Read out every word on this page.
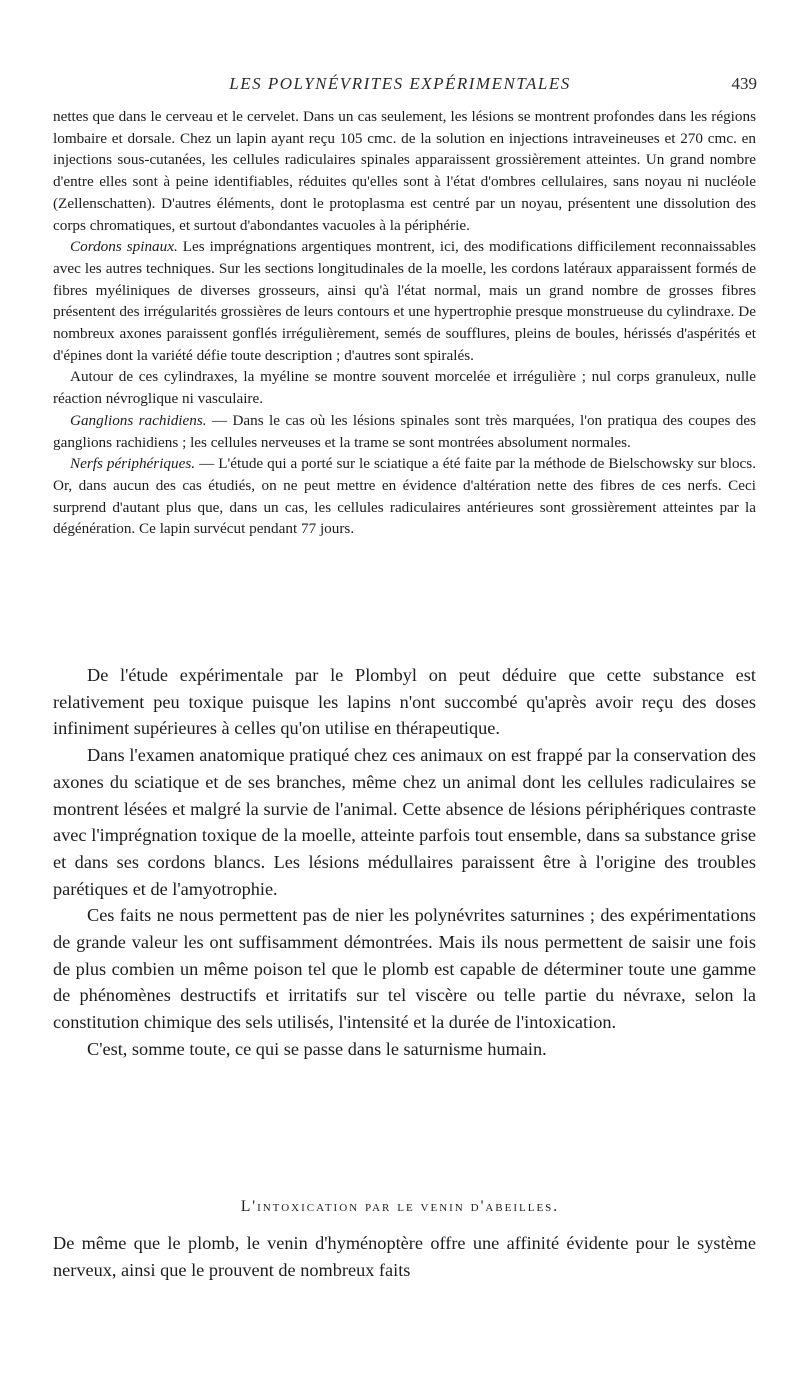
LES POLYNÉVRITES EXPÉRIMENTALES	439

nettes que dans le cerveau et le cervelet. Dans un cas seulement, les lésions se montrent profondes dans les régions lombaire et dorsale. Chez un lapin ayant reçu 105 cmc. de la solution en injections intraveineuses et 270 cmc. en injections sous-cutanées, les cellules radiculaires spinales apparaissent grossièrement atteintes. Un grand nombre d'entre elles sont à peine identifiables, réduites qu'elles sont à l'état d'ombres cellulaires, sans noyau ni nucléole (Zellenschatten). D'autres éléments, dont le protoplasma est centré par un noyau, présentent une dissolution des corps chromatiques, et surtout d'abondantes vacuoles à la périphérie.

Cordons spinaux. Les imprégnations argentiques montrent, ici, des modifications difficilement reconnaissables avec les autres techniques. Sur les sections longitudinales de la moelle, les cordons latéraux apparaissent formés de fibres myéliniques de diverses grosseurs, ainsi qu'à l'état normal, mais un grand nombre de grosses fibres présentent des irrégularités grossières de leurs contours et une hypertrophie presque monstrueuse du cylindraxe. De nombreux axones paraissent gonflés irrégulièrement, semés de soufflures, pleins de boules, hérissés d'aspérités et d'épines dont la variété défie toute description ; d'autres sont spiralés.

Autour de ces cylindraxes, la myéline se montre souvent morcelée et irrégulière ; nul corps granuleux, nulle réaction névroglique ni vasculaire.

Ganglions rachidiens. — Dans le cas où les lésions spinales sont très marquées, l'on pratiqua des coupes des ganglions rachidiens ; les cellules nerveuses et la trame se sont montrées absolument normales.

Nerfs périphériques. — L'étude qui a porté sur le sciatique a été faite par la méthode de Bielschowsky sur blocs. Or, dans aucun des cas étudiés, on ne peut mettre en évidence d'altération nette des fibres de ces nerfs. Ceci surprend d'autant plus que, dans un cas, les cellules radiculaires antérieures sont grossièrement atteintes par la dégénération. Ce lapin survécut pendant 77 jours.

De l'étude expérimentale par le Plombyl on peut déduire que cette substance est relativement peu toxique puisque les lapins n'ont succombé qu'après avoir reçu des doses infiniment supérieures à celles qu'on utilise en thérapeutique.

Dans l'examen anatomique pratiqué chez ces animaux on est frappé par la conservation des axones du sciatique et de ses branches, même chez un animal dont les cellules radiculaires se montrent lésées et malgré la survie de l'animal. Cette absence de lésions périphériques contraste avec l'imprégnation toxique de la moelle, atteinte parfois tout ensemble, dans sa substance grise et dans ses cordons blancs. Les lésions médullaires paraissent être à l'origine des troubles parétiques et de l'amyotrophie.

Ces faits ne nous permettent pas de nier les polynévrites saturnines ; des expérimentations de grande valeur les ont suffisamment démontrées. Mais ils nous permettent de saisir une fois de plus combien un même poison tel que le plomb est capable de déterminer toute une gamme de phénomènes destructifs et irritatifs sur tel viscère ou telle partie du névraxe, selon la constitution chimique des sels utilisés, l'intensité et la durée de l'intoxication.

C'est, somme toute, ce qui se passe dans le saturnisme humain.

L'intoxication par le venin d'abeilles.

De même que le plomb, le venin d'hyménoptère offre une affinité évidente pour le système nerveux, ainsi que le prouvent de nombreux faits
